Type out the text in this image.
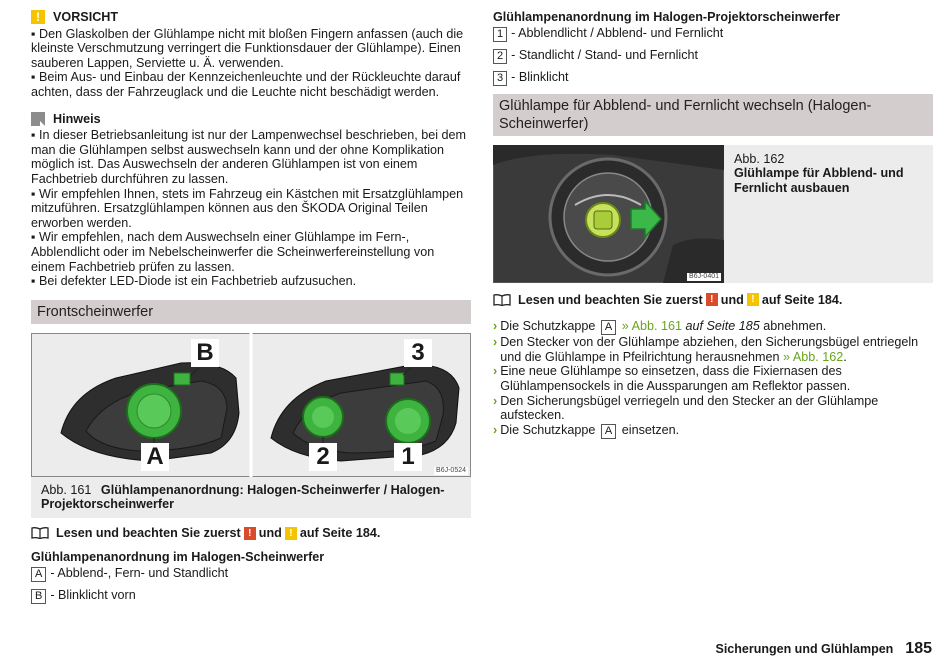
!	VORSICHT
▪ Den Glaskolben der Glühlampe nicht mit bloßen Fingern anfassen (auch die kleinste Verschmutzung verringert die Funktionsdauer der Glühlampe). Einen sauberen Lappen, Serviette u. Ä. verwenden.
▪ Beim Aus- und Einbau der Kennzeichenleuchte und der Rückleuchte darauf achten, dass der Fahrzeuglack und die Leuchte nicht beschädigt werden.
Hinweis
▪ In dieser Betriebsanleitung ist nur der Lampenwechsel beschrieben, bei dem man die Glühlampen selbst auswechseln kann und der ohne Komplikation möglich ist. Das Auswechseln der anderen Glühlampen ist von einem Fachbetrieb durchführen zu lassen.
▪ Wir empfehlen Ihnen, stets im Fahrzeug ein Kästchen mit Ersatzglühlampen mitzuführen. Ersatzglühlampen können aus den ŠKODA Original Teilen erworben werden.
▪ Wir empfehlen, nach dem Auswechseln einer Glühlampe im Fern-, Abblendlicht oder im Nebelscheinwerfer die Scheinwerfereinstellung von einem Fachbetrieb prüfen zu lassen.
▪ Bei defekter LED-Diode ist ein Fachbetrieb aufzusuchen.
Frontscheinwerfer
B
A
3
2	1
B6J-0524
Abb. 161 Glühlampenanordnung: Halogen-Scheinwerfer / Halogen-Projektorscheinwerfer
Lesen und beachten Sie zuerst ! und ! auf Seite 184.
Glühlampenanordnung im Halogen-Scheinwerfer
A - Abblend-, Fern- und Standlicht
B - Blinklicht vorn
Glühlampenanordnung im Halogen-Projektorscheinwerfer
1 - Abblendlicht / Abblend- und Fernlicht
2 - Standlicht / Stand- und Fernlicht
3 - Blinklicht
Glühlampe für Abblend- und Fernlicht wechseln (Halogen-Scheinwerfer)
B6J-0401
Abb. 162
Glühlampe für Abblend- und Fernlicht ausbauen
Lesen und beachten Sie zuerst ! und ! auf Seite 184.
› Die Schutzkappe A » Abb. 161 auf Seite 185 abnehmen.
› Den Stecker von der Glühlampe abziehen, den Sicherungsbügel entriegeln und die Glühlampe in Pfeilrichtung herausnehmen » Abb. 162.
› Eine neue Glühlampe so einsetzen, dass die Fixiernasen des Glühlampensockels in die Aussparungen am Reflektor passen.
› Den Sicherungsbügel verriegeln und den Stecker an der Glühlampe aufstecken.
› Die Schutzkappe A einsetzen.
Sicherungen und Glühlampen 185
